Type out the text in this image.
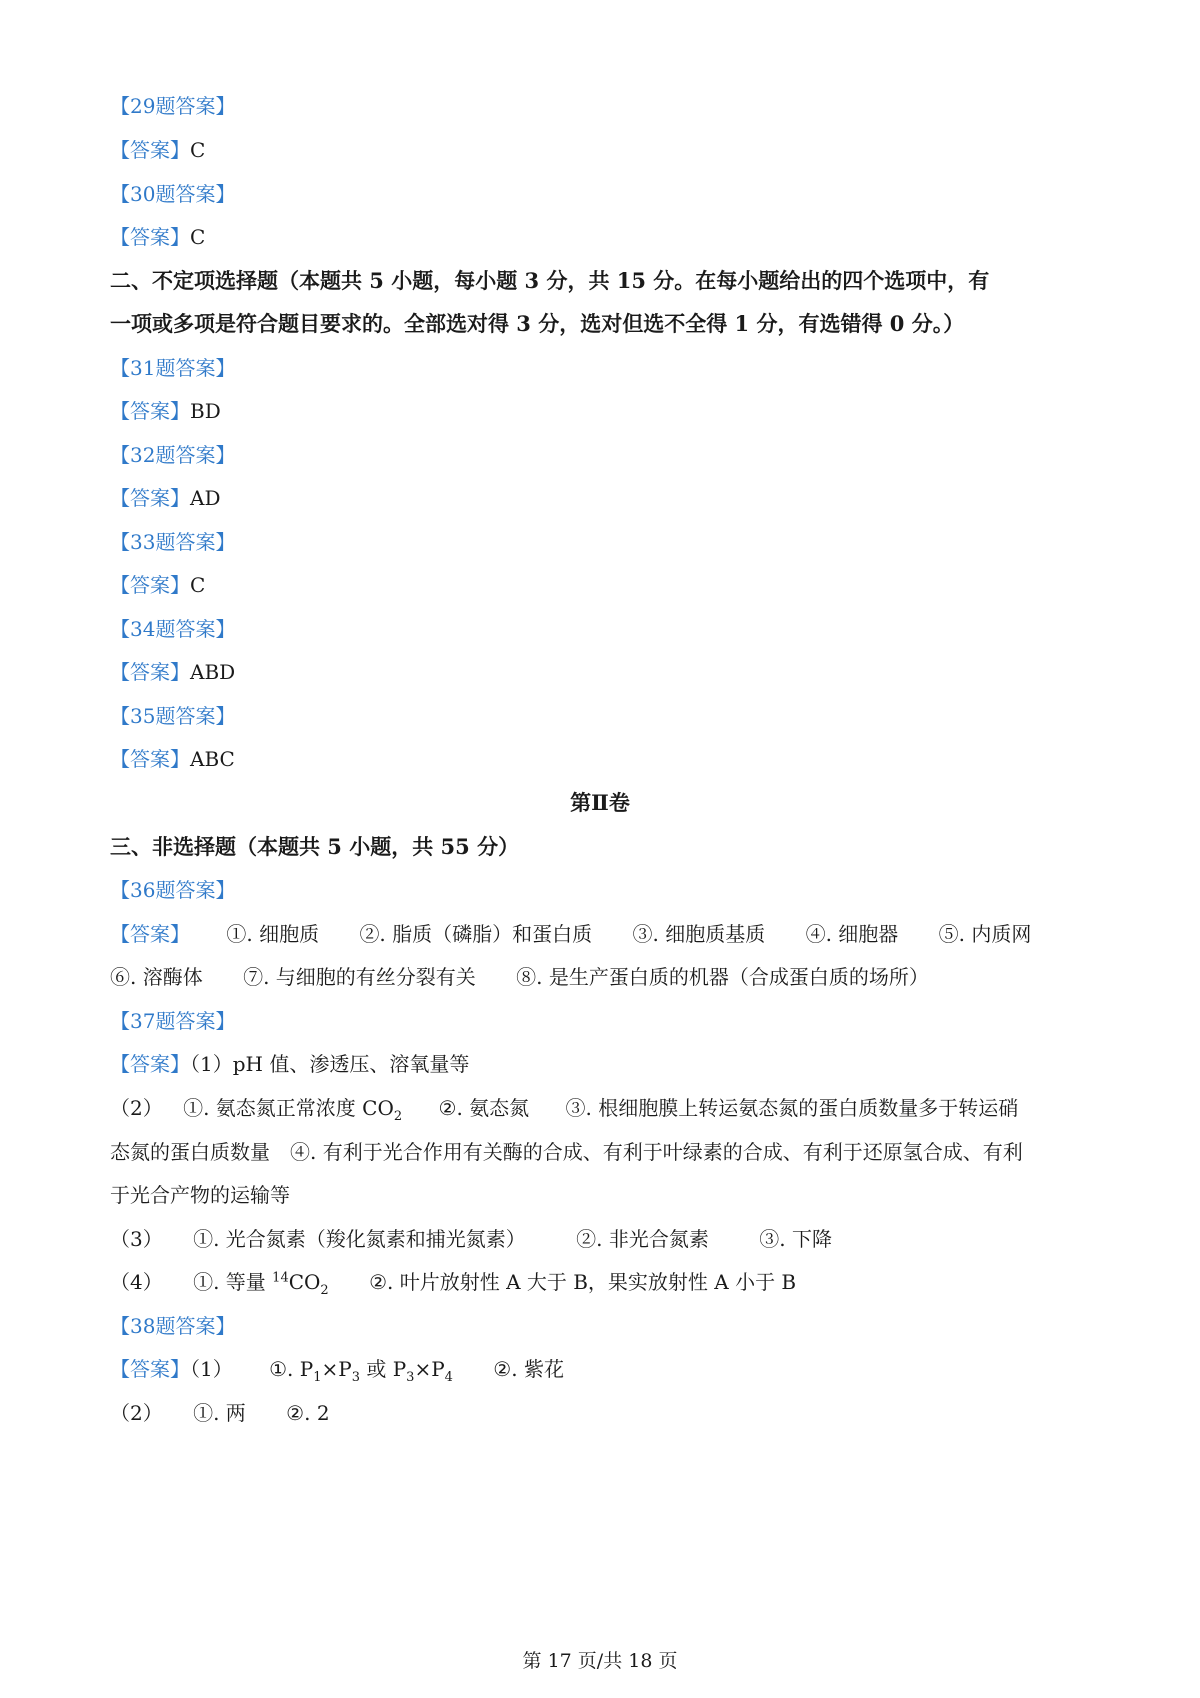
【29题答案】
【答案】C
【30题答案】
【答案】C
二、不定项选择题（本题共 5 小题，每小题 3 分，共 15 分。在每小题给出的四个选项中，有
一项或多项是符合题目要求的。全部选对得 3 分，选对但选不全得 1 分，有选错得 0 分。）
【31题答案】
【答案】BD
【32题答案】
【答案】AD
【33题答案】
【答案】C
【34题答案】
【答案】ABD
【35题答案】
【答案】ABC
第Ⅱ卷
三、非选择题（本题共 5 小题，共 55 分）
【36题答案】
【答案】 ①. 细胞质 ②. 脂质（磷脂）和蛋白质 ③. 细胞质基质 ④. 细胞器 ⑤. 内质网
⑥. 溶酶体 ⑦. 与细胞的有丝分裂有关 ⑧. 是生产蛋白质的机器（合成蛋白质的场所）
【37题答案】
【答案】（1）pH 值、渗透压、溶氧量等
（2） ①. 氨态氮正常浓度 $CO_2$ ②. 氨态氮 ③. 根细胞膜上转运氨态氮的蛋白质数量多于转运硝
态氮的蛋白质数量　④. 有利于光合作用有关酶的合成、有利于叶绿素的合成、有利于还原氢合成、有利
于光合产物的运输等
（3） ①. 光合氮素（羧化氮素和捕光氮素）	②. 非光合氮素	③. 下降
（4） ①. 等量 $^{14}CO_2$ ②. 叶片放射性 A 大于 B，果实放射性 A 小于 B
【38题答案】
【答案】（1） ①. $P_1\times P_3$ 或 $P_3\times P_4$ ②. 紫花
（2） ①. 两 ②. 2
第 17 页/共 18 页
